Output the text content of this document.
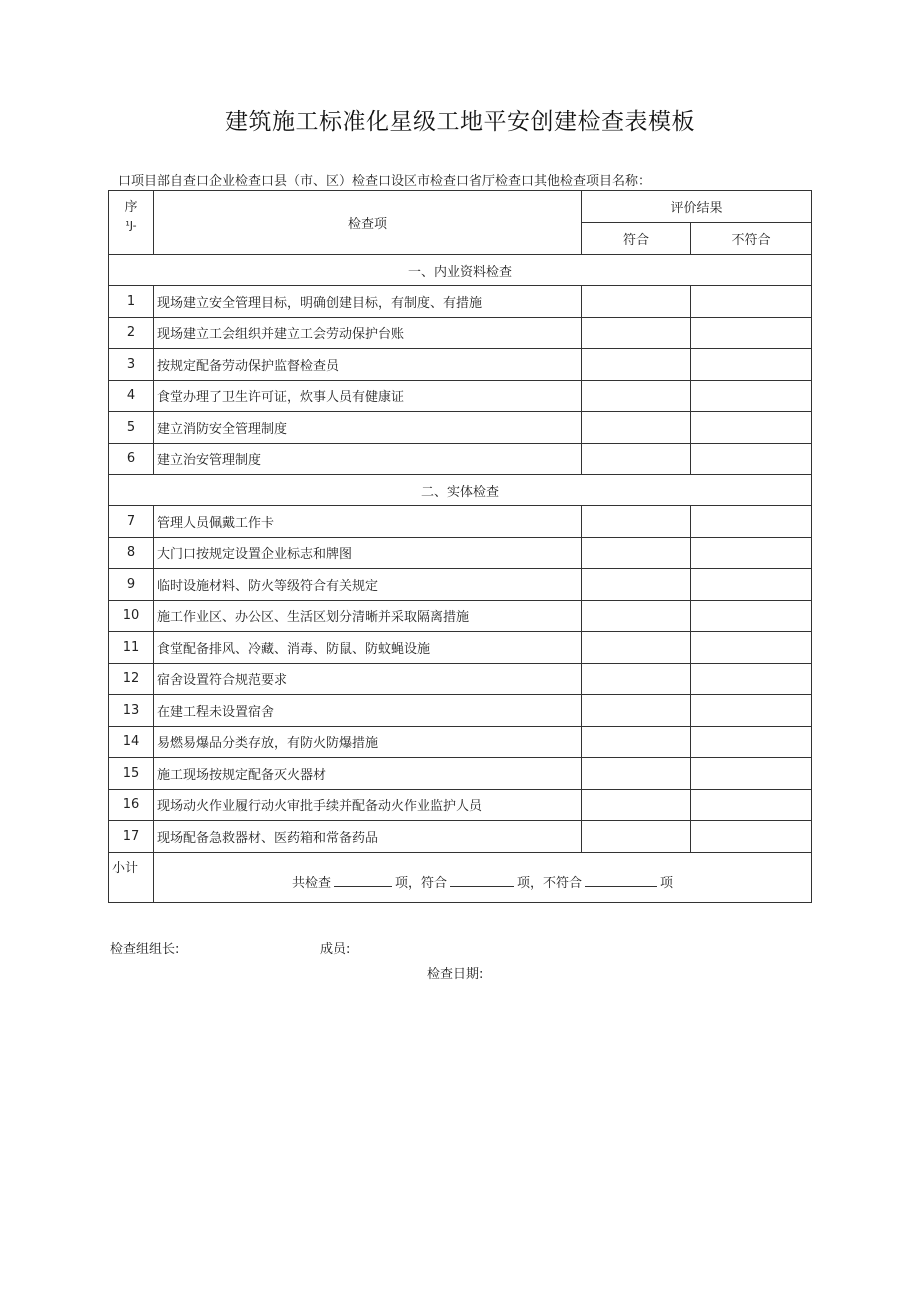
建筑施工标准化星级工地平安创建检查表模板
口项目部自查口企业检查口县（市、区）检查口设区市检查口省厅检查口其他检查项目名称：
序
¹J-	检查项	评价结果	
		符合	不符合
一、内业资料检查			
1	现场建立安全管理目标，明确创建目标，有制度、有措施		
2	现场建立工会组织并建立工会劳动保护台账		
3	按规定配备劳动保护监督检查员		
4	食堂办理了卫生许可证，炊事人员有健康证		
5	建立消防安全管理制度		
6	建立治安管理制度		
二、实体检查			
7	管理人员佩戴工作卡		
8	大门口按规定设置企业标志和牌图		
9	临时设施材料、防火等级符合有关规定		
10	施工作业区、办公区、生活区划分清晰并采取隔离措施		
11	食堂配备排风、冷藏、消毒、防鼠、防蚊蝇设施		
12	宿舍设置符合规范要求		
13	在建工程未设置宿舍		
14	易燃易爆品分类存放，有防火防爆措施		
15	施工现场按规定配备灭火器材		
16	现场动火作业履行动火审批手续并配备动火作业监护人员		
17	现场配备急救器材、医药箱和常备药品		
小计	共检查 项，符合 项，不符合 项		
检查组组长:	成员:
检查日期:
